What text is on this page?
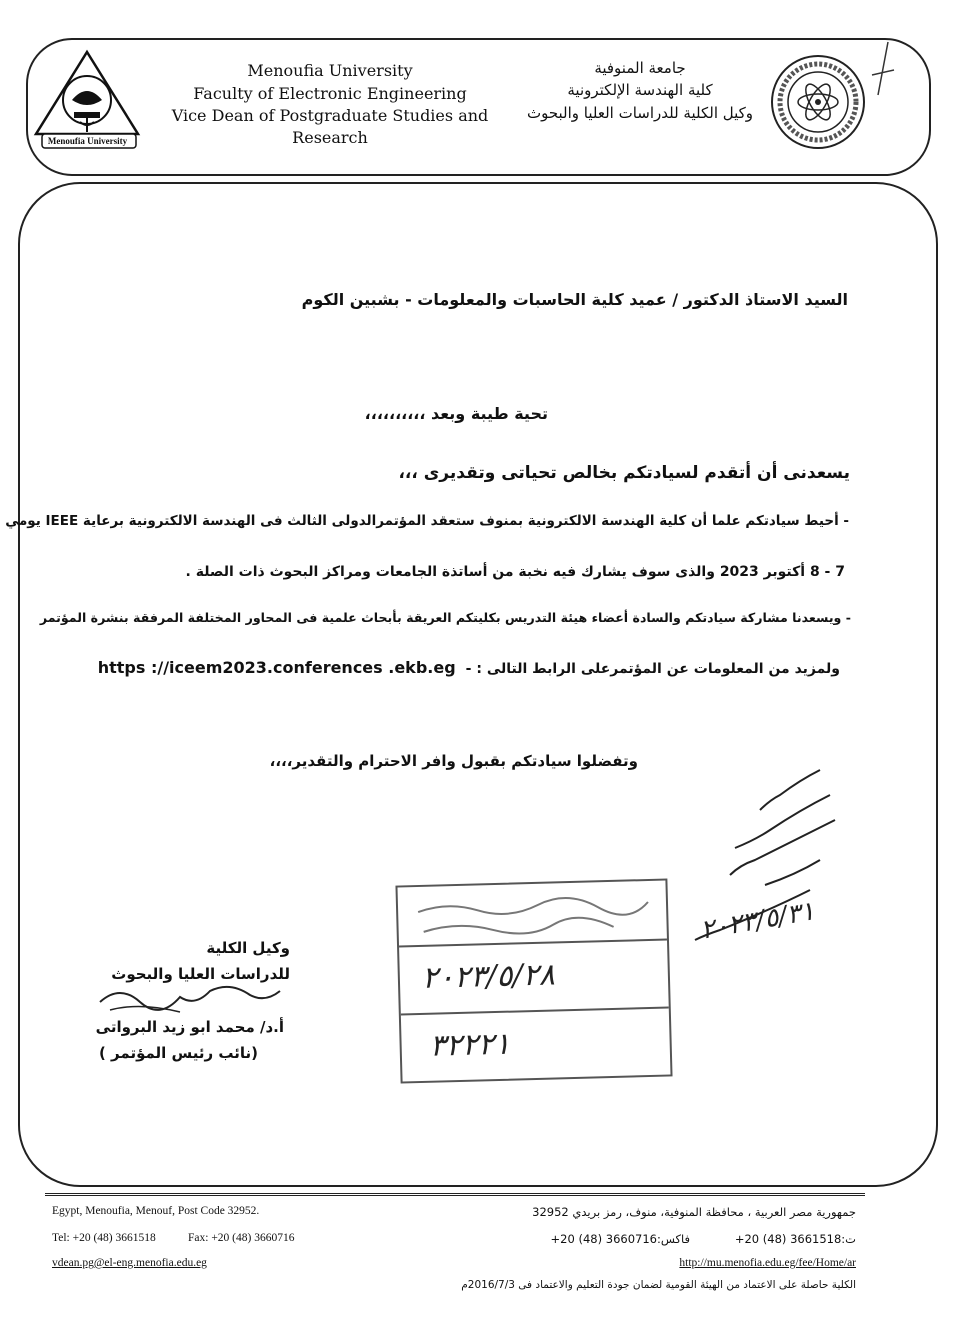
Menoufia University
Menoufia University
Faculty of Electronic Engineering
Vice Dean of Postgraduate Studies and Research
جامعة المنوفية
كلية الهندسة الإلكترونية
وكيل الكلية للدراسات العليا والبحوث
السيد الاستاذ الدكتور / عميد كلية الحاسبات والمعلومات - بشبين الكوم
تحية طيبة وبعد ،،،،،،،،،،
يسعدنى أن أتقدم لسيادتكم بخالص تحياتى وتقديرى ،،،
- أحيط سيادتكم علما أن كلية الهندسة الالكترونية بمنوف ستعقد المؤتمرالدولى الثالث فى الهندسة الالكترونية برعاية IEEE يومي
7 - 8 أكتوبر 2023 والذى سوف يشارك فيه نخبة من أساتذة الجامعات ومراكز البحوث ذات الصلة .
- ويسعدنا مشاركة سيادتكم والسادة أعضاء هيئة التدريس بكليتكم العريقة بأبحاث علمية فى المحاور المختلفة المرفقة بنشرة المؤتمر
ولمزيد من المعلومات عن المؤتمرعلى الرابط التالى : -
https ://iceem2023.conferences .ekb.eg
وتفضلوا سيادتكم بقبول وافر الاحترام والتقدير،،،،
وكيل الكلية
للدراسات العليا والبحوث
أ.د/ محمد ابو زيد البرواتى
(نائب رئيس المؤتمر )
٢٠٢٣/٥/٢٨
٣٢٢٢١
٢٠٢٣/٥/٣١
Egypt, Menoufia, Menouf, Post Code 32952.
Tel: +20 (48) 3661518	Fax: +20 (48) 3660716
vdean.pg@el-eng.menofia.edu.eg
جمهورية مصر العربية ، محافظة المنوفية، منوف، رمز بريدي 32952
ت:3661518 (48) 20+
فاكس:3660716 (48) 20+
http://mu.menofia.edu.eg/fee/Home/ar
الكلية حاصلة على الاعتماد من الهيئة القومية لضمان جودة التعليم والاعتماد فى 2016/7/3م
